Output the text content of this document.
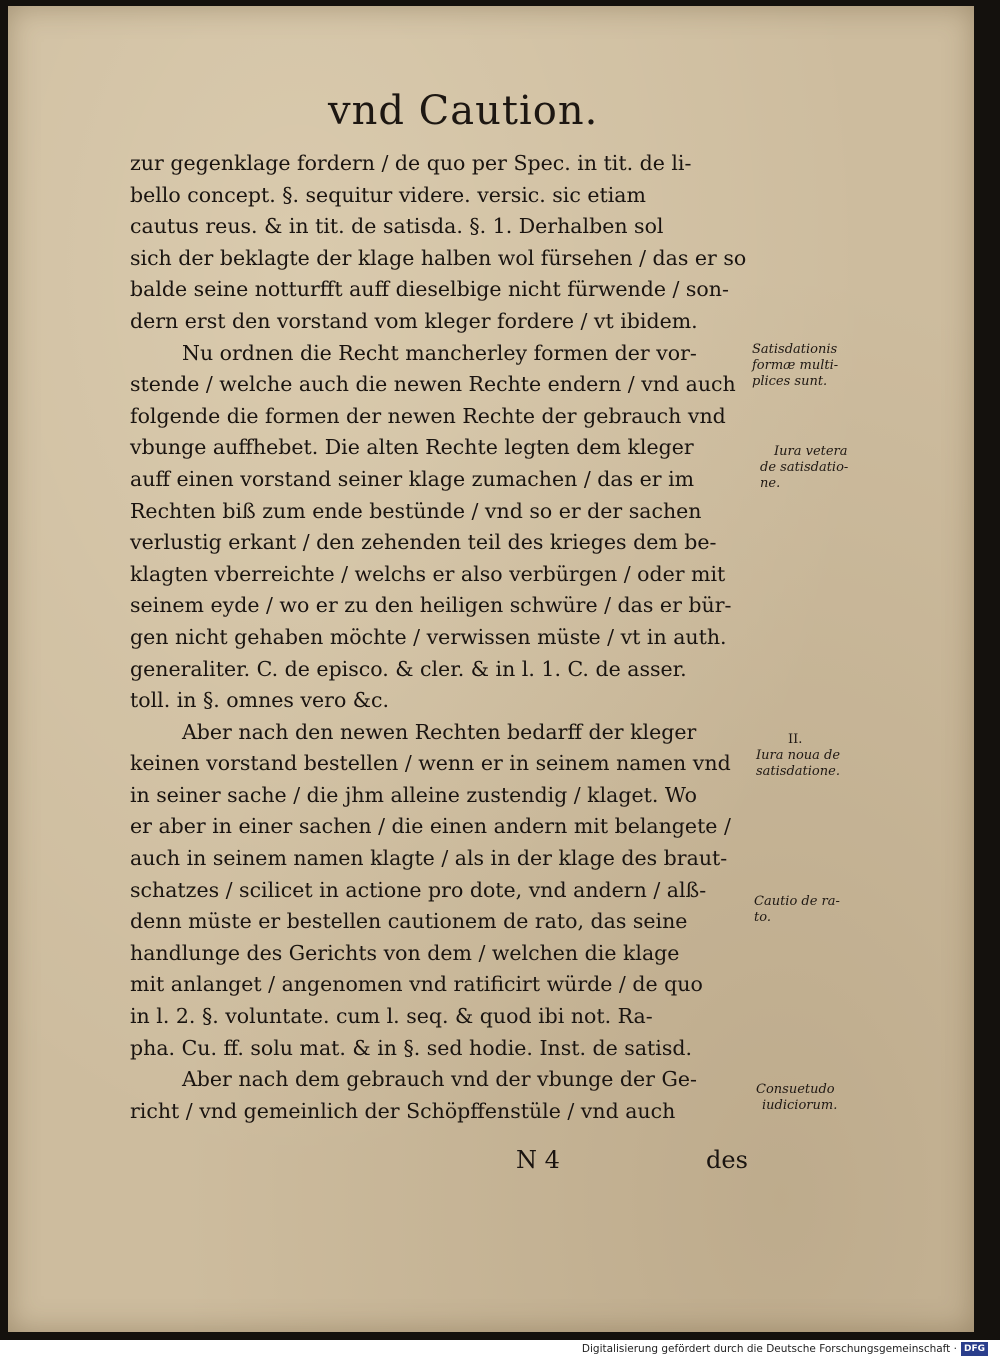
vnd Caution.
zur gegenklage fordern / de quo per Spec. in tit. de li-
bello concept. §. sequitur videre. versic. sic etiam
cautus reus. & in tit. de satisda. §. 1. Derhalben sol
sich der beklagte der klage halben wol fürsehen / das er so
balde seine notturfft auff dieselbige nicht fürwende / son-
dern erst den vorstand vom kleger fordere / vt ibidem.
Nu ordnen die Recht mancherley formen der vor-
stende / welche auch die newen Rechte endern / vnd auch
folgende die formen der newen Rechte der gebrauch vnd
vbunge auffhebet. Die alten Rechte legten dem kleger
auff einen vorstand seiner klage zumachen / das er im
Rechten biß zum ende bestünde / vnd so er der sachen
verlustig erkant / den zehenden teil des krieges dem be-
klagten vberreichte / welchs er also verbürgen / oder mit
seinem eyde / wo er zu den heiligen schwüre / das er bür-
gen nicht gehaben möchte / verwissen müste / vt in auth.
generaliter. C. de episco. & cler. & in l. 1. C. de asser.
toll. in §. omnes vero &c.
Aber nach den newen Rechten bedarff der kleger
keinen vorstand bestellen / wenn er in seinem namen vnd
in seiner sache / die jhm alleine zustendig / klaget. Wo
er aber in einer sachen / die einen andern mit belangete /
auch in seinem namen klagte / als in der klage des braut-
schatzes / scilicet in actione pro dote, vnd andern / alß-
denn müste er bestellen cautionem de rato, das seine
handlunge des Gerichts von dem / welchen die klage
mit anlanget / angenomen vnd ratificirt würde / de quo
in l. 2. §. voluntate. cum l. seq. & quod ibi not. Ra-
pha. Cu. ff. solu mat. & in §. sed hodie. Inst. de satisd.
Aber nach dem gebrauch vnd der vbunge der Ge-
richt / vnd gemeinlich der Schöpffenstüle / vnd auch
Satisdationis
formæ multi-
plices sunt.
Iura vetera
de satisdatio-
ne.
II.
Iura noua de
satisdatione.
Cautio de ra-
to.
Consuetudo
iudiciorum.
N 4	des
Digitalisierung gefördert durch die Deutsche Forschungsgemeinschaft · DFG
